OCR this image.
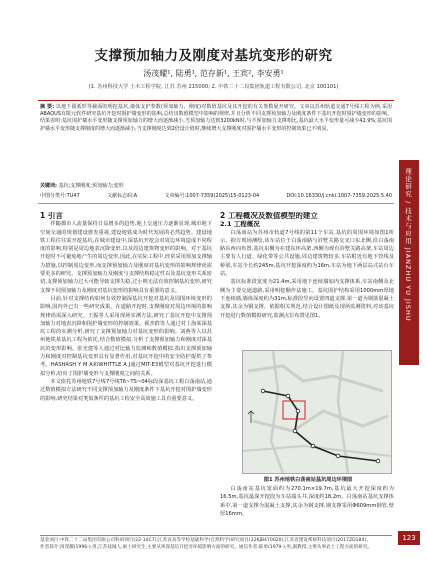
支撑预加轴力及刚度对基坑变形的研究
汤茂耀¹, 陆勇¹, 范存新¹, 王宾², 李安勇¹
(1. 苏州科技大学 土木工程学院, 江苏 苏州 215000; 2. 中铁二十二局集团轨道工程有限公司, 北京 100101)
摘 要: 以地下圆弧形等截面的明挖基坑,墙体支护参数(预加轴力、刚度)对数值基坑及其开挖的有关参数展开研究。文章以苏州轨道交通7号线工程为例,采用ABAQUS有限元软件研究基坑开挖时围护墙变形的影响,总结出数值模型中影响的规律,并且分析不同支撑预加轴力及刚度条件下基坑开挖时围护墙变形的影响。结果表明:基坑围护墙水平变形随支撑预加轴力的增大而逐渐减小,当预加轴力达到3200kN时,与不预加轴力支撑相比,基坑最大水平变形量可减少42.9%;基坑围护墙水平变形随支撑刚度的增大而逐渐减小,当支撑刚度达到2倍设计值时,继续增大支撑刚度对围护墙水平变形的控制效果已不明显。
关键词: 基坑;支撑刚度;预加轴力;变形
中图分类号:TU47	文献标志码:A	文章编号:1007-7359(2025)15-0123-04	DOI:10.16330/j.cnki.1007-7359.2025.5.40
1 引言
伴随都市人流量保持日益增多的趋势,地上交通压力逐渐显现,城市地下空间交通的规划建设愈发重视,建设地铁成为时代发展的必然趋势。建设地铁工程往往需开挖基坑,在城市建设中,深基坑开挖会对周边环境造成不同程度的影响,特别是周边地表沉降变形,以及周边建筑物变形的影响。对于基坑开挖时不可避免地产生的周边变形,因此,在实际工程中,经常采用预加支撑轴力措施,以控制周边变形,而支撑预加轴力及刚度对基坑变形的影响规律尚需要更多的研究。支撑预加轴力及刚度与支撑结构稳定性以及基坑变形关系密切,支撑预加轴力过大可能导致支撑失稳,过小则无法有效控制基坑变形,研究支撑不同预加轴力及刚度对基坑变形的影响具有重要的意义。
目前,针对支撑结构如何有效控制深基坑开挖对基坑及周围环境变形的影响,国内外已有一些研究成果。在道路开挖时,支撑刚度对周边环境的影响规律尚需深入研究。王振等人采用现场实测方法,研究了基坑开挖中支撑预加轴力对地表沉降和围护墙变形的控制效果。翟杰群等人通过对上海某深基坑工程的实测分析,研究了支撑预加轴力对基坑变形的影响。刘燕等人以苏州地铁某基坑工程为依托,结合数值模拟,分析了支撑预加轴力和刚度对深基坑的变形影响。张光建等人通过对比轴力监测和数值模拟,指出支撑预加轴力和刚度对控制基坑变形具有显著作用,对基坑开挖中的安全防护提供了参考。HASHASH Y M A和WHITTLE A J通过MIT-E3模型对基坑开挖进行模拟分析,给出了围护墙变形与支撑刚度之间的关系。
本文依托苏州地铁7号线7号线T6~TS~04标段深基坑工程白荡南站,通过数值模拟方法研究不同支撑预加轴力及刚度条件下基坑开挖对围护墙变形的影响,研究结果对类似条件的基坑工程安全高效施工具有重要意义。
2 工程概况及数值模型的建立
2.1 工程概况
白荡南站为苏州市轨道7号线的第11个车站,基坑的周围环境如图1所示。据方现场测绘,该车站位于白荡南路与浒墅关路交叉口东北侧,沿白荡南路东西向布置,基坑东侧为在建东环高架,西侧为现有浒墅关路高架,车站周边主要有人行道、绿化带等公共设施,周边建筑物较多,车站附近有地下管线及桥梁,车站全长约245m,基坑开挖深度约为16m,车站为地下两层岛式站台车站。
基坑标准段宽度为21.4m,采用地下连续墙加内支撑体系,车站南侧及北侧为主要交通道路,采用明挖顺作法施工。基坑围护结构采用1000mm厚地下连续墙,墙体深度约为31m,标准段竖向设置四道支撑,第一道为钢筋混凝土支撑,其余为钢支撑。依据相关规范,结合设计图纸及现场监测资料,对该基坑开挖进行数值模拟研究,监测点位布置见图1。
图1 苏州地铁白荡南站基坑周边环境图
白荡南站基坑宽面约为270.1m×19.7m,基坑最大开挖深度约为16.5m,基坑最深开挖段为车站端头井,深度约18.2m。白荡南站基坑支撑体系中,第一道支撑为混凝土支撑,其余为钢支撑,钢支撑采用Φ609mm钢管,壁厚16mm。
理论研究 / 技术与应用 JIANZHU YU JISHU
基金项目:中铁二十二局集团有限公司科研项目(22-14C7);江苏省高等学校基础科学(自然科学)研究项目(22KJB470020);江苏省建设系统科技项目(2017ZD184)。
作者简介:汤茂耀(1996-),男,江苏盐城人,硕士研究生,主要从事深基坑开挖对环境影响方面的研究。通信作者:陆勇(1979-),男,副教授,主要从事岩土工程方面的研究。
123
